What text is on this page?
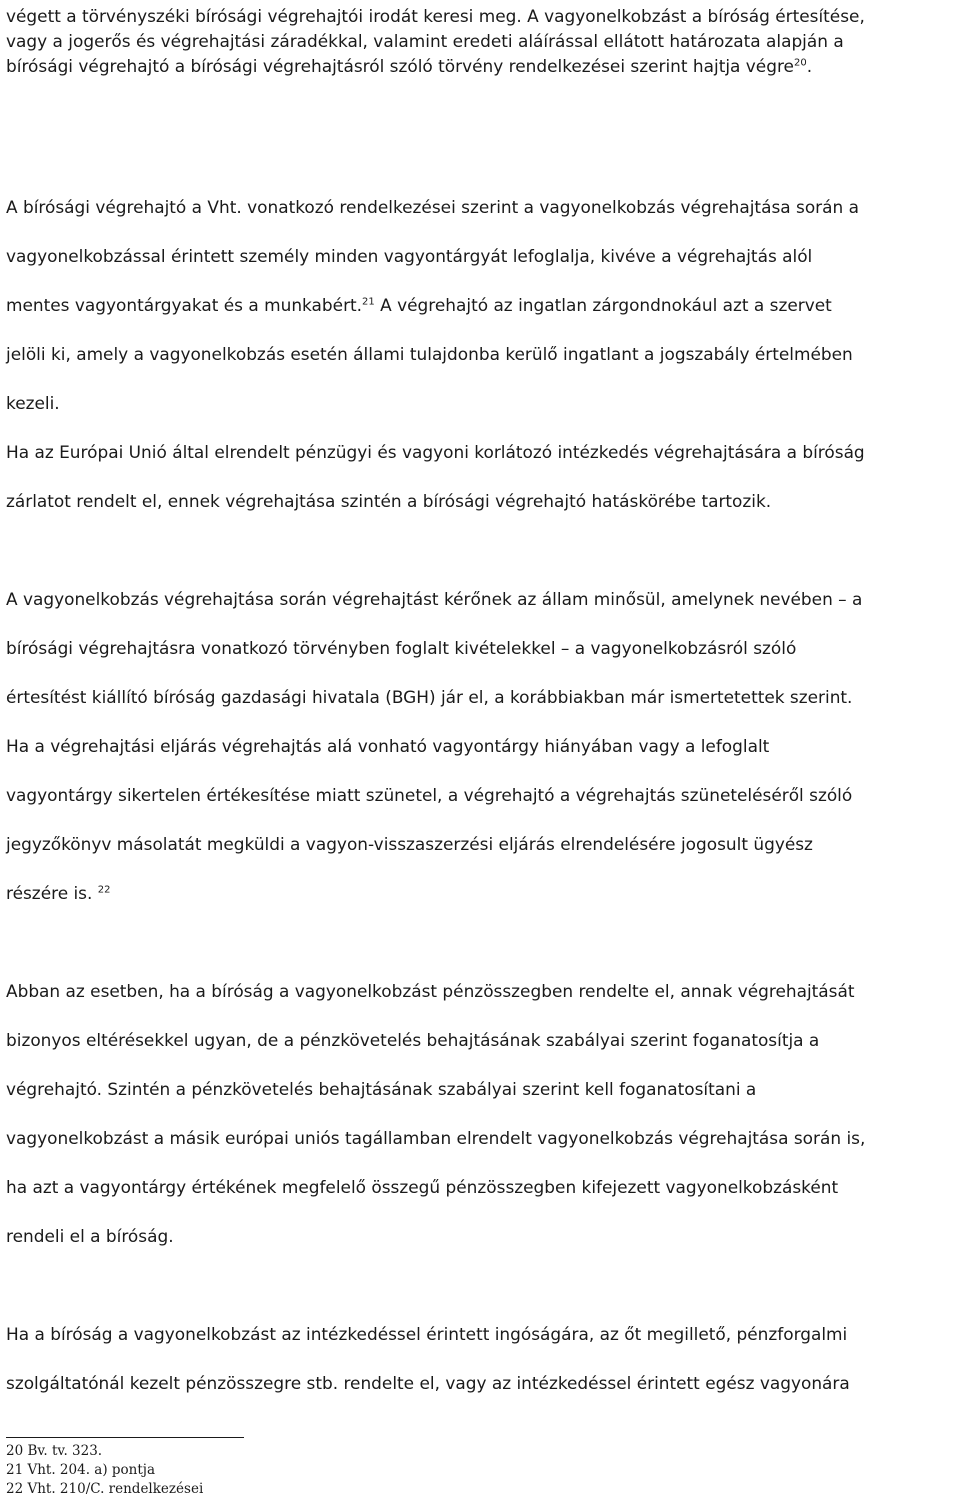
végett a törvényszéki bírósági végrehajtói irodát keresi meg. A vagyonelkobzást a bíróság értesítése,
vagy a jogerős és végrehajtási záradékkal, valamint eredeti aláírással ellátott határozata alapján a
bírósági végrehajtó a bírósági végrehajtásról szóló törvény rendelkezései szerint hajtja végre$^{20}$.

A bírósági végrehajtó a Vht. vonatkozó rendelkezései szerint a vagyonelkobzás végrehajtása során a
vagyonelkobzással érintett személy minden vagyontárgyát lefoglalja, kivéve a végrehajtás alól
mentes vagyontárgyakat és a munkabért.$^{21}$ A végrehajtó az ingatlan zárgondnokául azt a szervet
jelöli ki, amely a vagyonelkobzás esetén állami tulajdonba kerülő ingatlant a jogszabály értelmében
kezeli.

Ha az Európai Unió által elrendelt pénzügyi és vagyoni korlátozó intézkedés végrehajtására a bíróság
zárlatot rendelt el, ennek végrehajtása szintén a bírósági végrehajtó hatáskörébe tartozik.

A vagyonelkobzás végrehajtása során végrehajtást kérőnek az állam minősül, amelynek nevében – a
bírósági végrehajtásra vonatkozó törvényben foglalt kivételekkel – a vagyonelkobzásról szóló
értesítést kiállító bíróság gazdasági hivatala (BGH) jár el, a korábbiakban már ismertetettek szerint.

Ha a végrehajtási eljárás végrehajtás alá vonható vagyontárgy hiányában vagy a lefoglalt
vagyontárgy sikertelen értékesítése miatt szünetel, a végrehajtó a végrehajtás szüneteléséről szóló
jegyzőkönyv másolatát megküldi a vagyon-visszaszerzési eljárás elrendelésére jogosult ügyész
részére is. $^{22}$

Abban az esetben, ha a bíróság a vagyonelkobzást pénzösszegben rendelte el, annak végrehajtását
bizonyos eltérésekkel ugyan, de a pénzkövetelés behajtásának szabályai szerint foganatosítja a
végrehajtó. Szintén a pénzkövetelés behajtásának szabályai szerint kell foganatosítani a
vagyonelkobzást a másik európai uniós tagállamban elrendelt vagyonelkobzás végrehajtása során is,
ha azt a vagyontárgy értékének megfelelő összegű pénzösszegben kifejezett vagyonelkobzásként
rendeli el a bíróság.

Ha a bíróság a vagyonelkobzást az intézkedéssel érintett ingóságára, az őt megillető, pénzforgalmi
szolgáltatónál kezelt pénzösszegre stb. rendelte el, vagy az intézkedéssel érintett egész vagyonára

20 Bv. tv. 323.
21 Vht. 204. a) pontja
22 Vht. 210/C. rendelkezései
